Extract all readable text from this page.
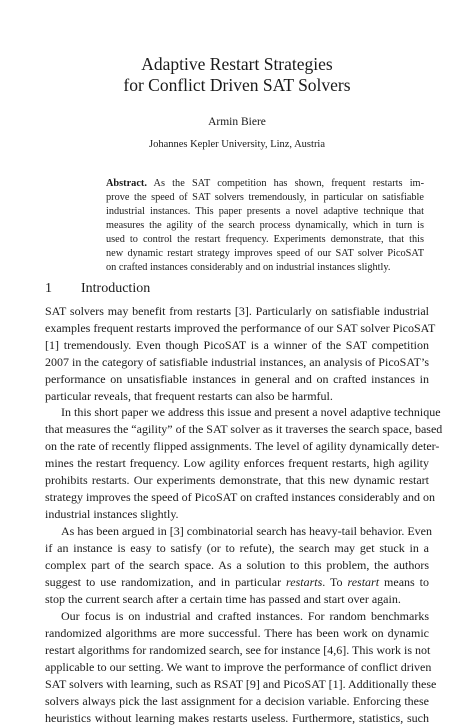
Adaptive Restart Strategies
for Conflict Driven SAT Solvers
Armin Biere
Johannes Kepler University, Linz, Austria
Abstract. As the SAT competition has shown, frequent restarts im-
prove the speed of SAT solvers tremendously, in particular on satisfiable
industrial instances. This paper presents a novel adaptive technique that
measures the agility of the search process dynamically, which in turn is
used to control the restart frequency. Experiments demonstrate, that this
new dynamic restart strategy improves speed of our SAT solver PicoSAT
on crafted instances considerably and on industrial instances slightly.
1 Introduction
SAT solvers may benefit from restarts [3]. Particularly on satisfiable industrial
examples frequent restarts improved the performance of our SAT solver PicoSAT
[1] tremendously. Even though PicoSAT is a winner of the SAT competition
2007 in the category of satisfiable industrial instances, an analysis of PicoSAT’s
performance on unsatisfiable instances in general and on crafted instances in
particular reveals, that frequent restarts can also be harmful.
In this short paper we address this issue and present a novel adaptive technique
that measures the “agility” of the SAT solver as it traverses the search space, based
on the rate of recently flipped assignments. The level of agility dynamically deter-
mines the restart frequency. Low agility enforces frequent restarts, high agility
prohibits restarts. Our experiments demonstrate, that this new dynamic restart
strategy improves the speed of PicoSAT on crafted instances considerably and on
industrial instances slightly.
As has been argued in [3] combinatorial search has heavy-tail behavior. Even
if an instance is easy to satisfy (or to refute), the search may get stuck in a
complex part of the search space. As a solution to this problem, the authors
suggest to use randomization, and in particular restarts. To restart means to
stop the current search after a certain time has passed and start over again.
Our focus is on industrial and crafted instances. For random benchmarks
randomized algorithms are more successful. There has been work on dynamic
restart algorithms for randomized search, see for instance [4,6]. This work is not
applicable to our setting. We want to improve the performance of conflict driven
SAT solvers with learning, such as RSAT [9] and PicoSAT [1]. Additionally these
solvers always pick the last assignment for a decision variable. Enforcing these
heuristics without learning makes restarts useless. Furthermore, statistics, such
